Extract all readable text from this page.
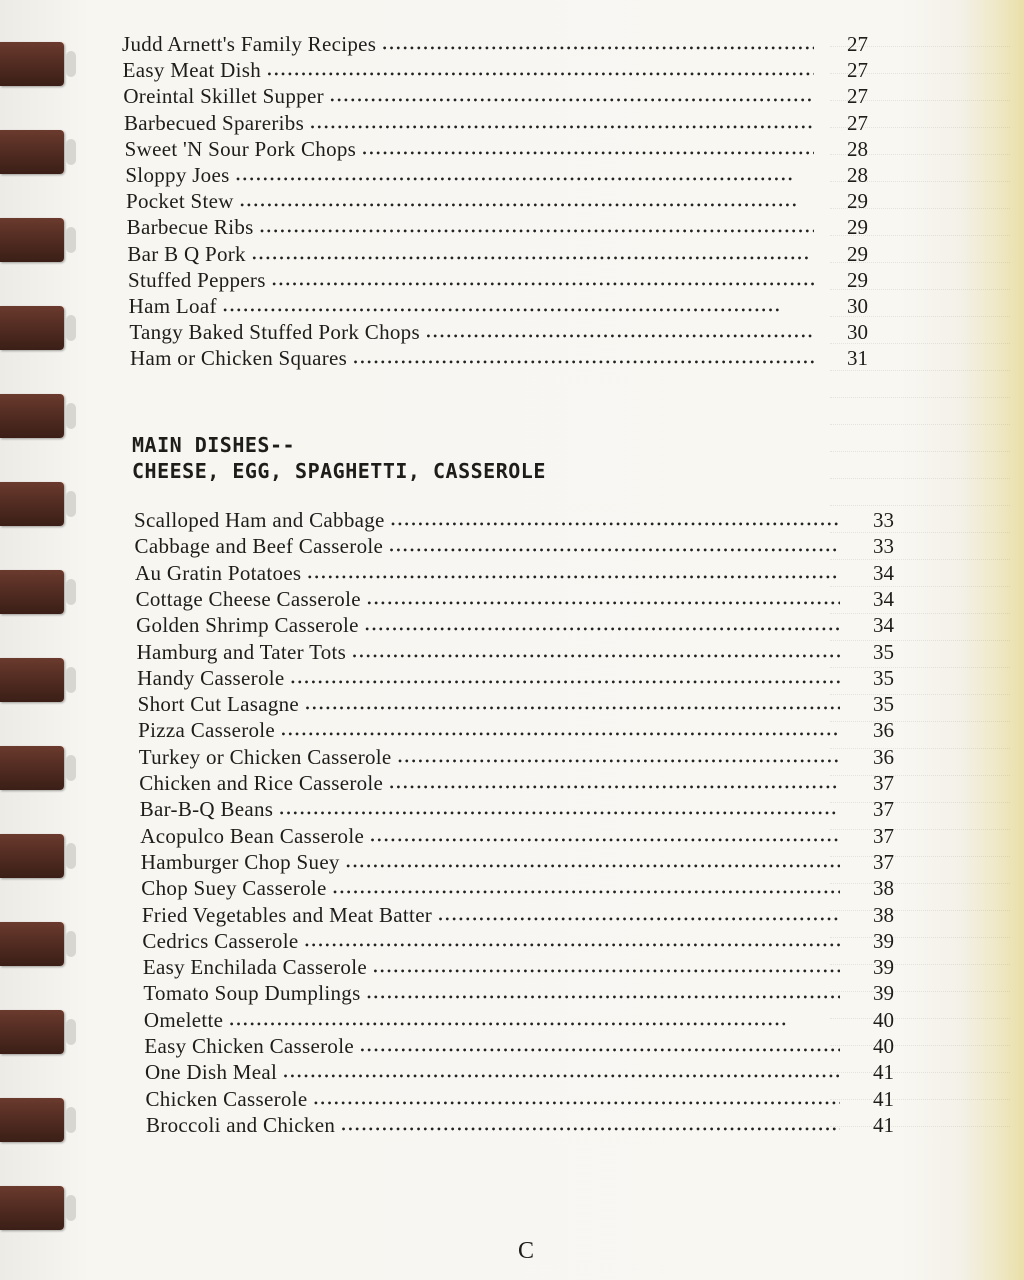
MAIN DISHES--
CHEESE, EGG, SPAGHETTI, CASSEROLE
Judd Arnett's Family Recipes •••••	27
Easy Meat Dish •••••	27
Oreintal Skillet Supper •••••	27
Barbecued Spareribs •••••	27
Sweet 'N Sour Pork Chops •••••	28
Sloppy Joes •••••	28
Pocket Stew •••••	29
Barbecue Ribs •••••	29
Bar B Q Pork •••••	29
Stuffed Peppers •••••	29
Ham Loaf •••••	30
Tangy Baked Stuffed Pork Chops •••••	30
Ham or Chicken Squares •••••	31
Scalloped Ham and Cabbage •••••	33
Cabbage and Beef Casserole •••••	33
Au Gratin Potatoes •••••	34
Cottage Cheese Casserole •••••	34
Golden Shrimp Casserole •••••	34
Hamburg and Tater Tots •••••	35
Handy Casserole •••••	35
Short Cut Lasagne •••••	35
Pizza Casserole •••••	36
Turkey or Chicken Casserole •••••	36
Chicken and Rice Casserole •••••	37
Bar-B-Q Beans •••••	37
Acopulco Bean Casserole •••••	37
Hamburger Chop Suey •••••	37
Chop Suey Casserole •••••	38
Fried Vegetables and Meat Batter •••••	38
Cedrics Casserole •••••	39
Easy Enchilada Casserole •••••	39
Tomato Soup Dumplings •••••	39
Omelette •••••	40
Easy Chicken Casserole •••••	40
One Dish Meal •••••	41
Chicken Casserole •••••	41
Broccoli and Chicken •••••	41
C
